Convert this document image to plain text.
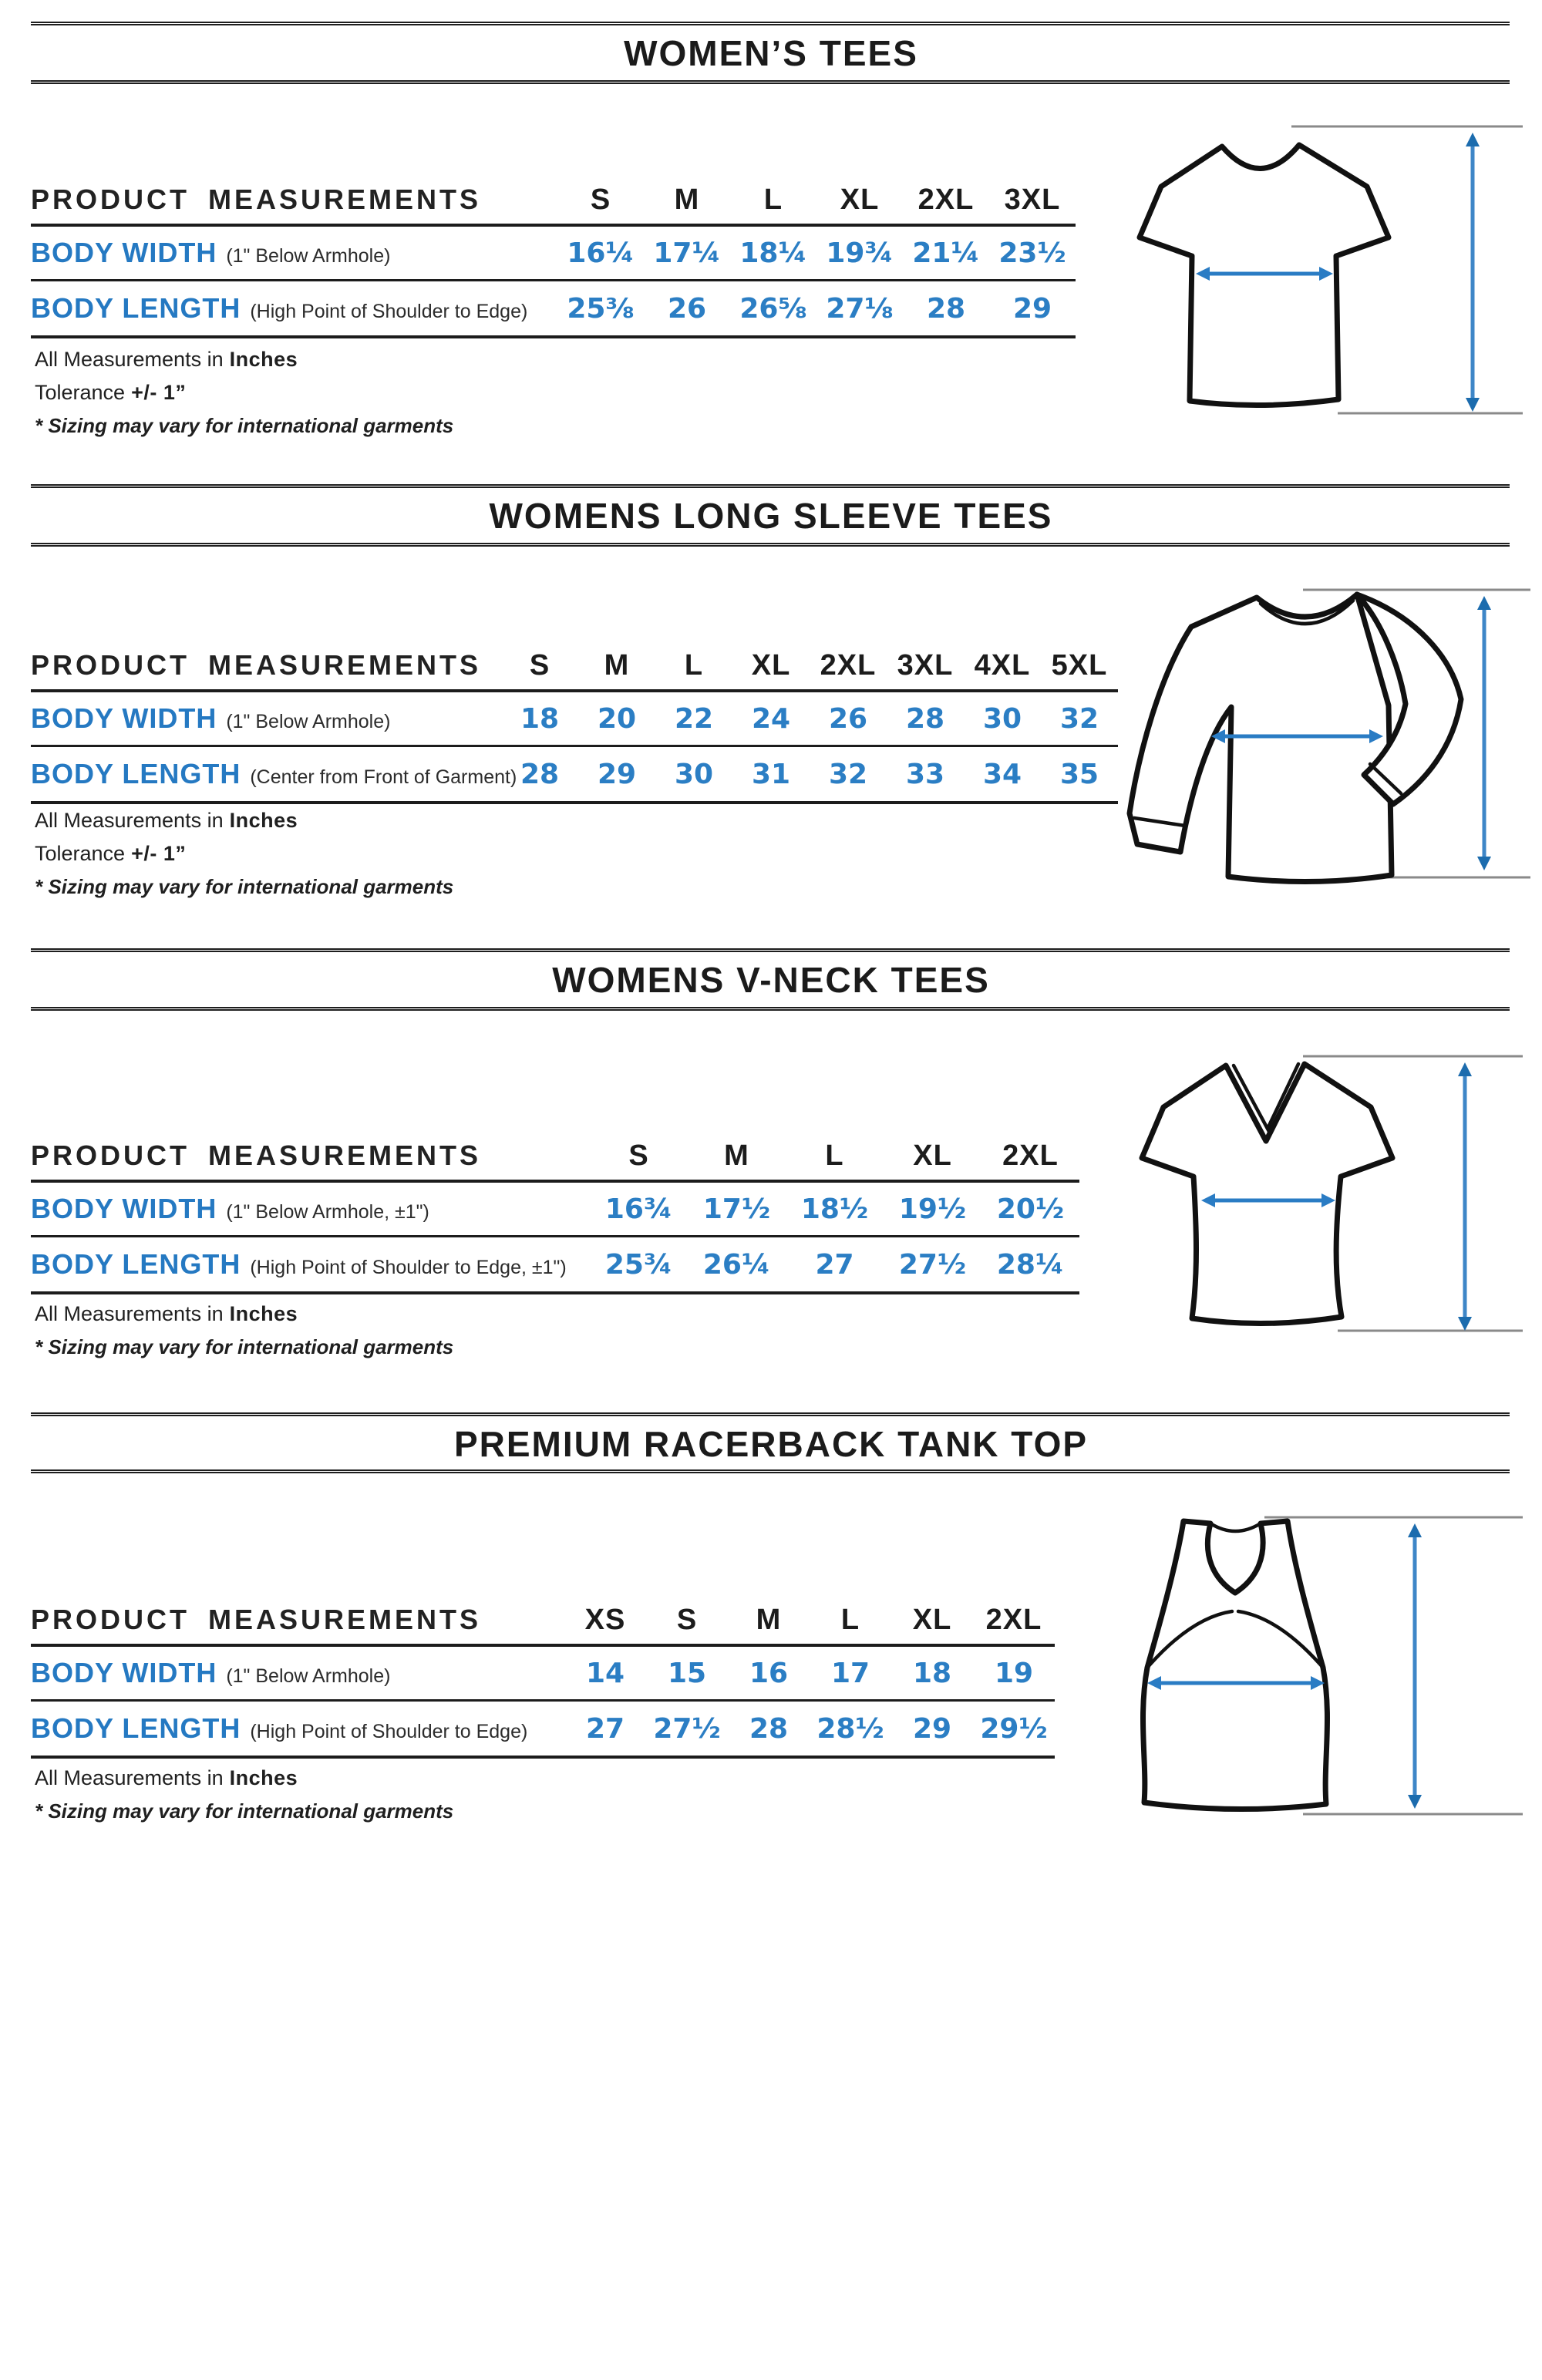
WOMEN’S TEES
PRODUCT MEASUREMENTS	S	M	L	XL	2XL	3XL
BODY WIDTH (1" Below Armhole)	16¼ 17¼ 18¼ 19¾ 21¼ 23½
BODY LENGTH (High Point of Shoulder to Edge)	25⅜	26	26⅝ 27⅛	28	29
All Measurements in Inches
Tolerance +/- 1”
* Sizing may vary for international garments
WOMENS LONG SLEEVE TEES
PRODUCT MEASUREMENTS	S	M	L	XL	2XL 3XL 4XL 5XL
BODY WIDTH (1" Below Armhole)	18	20	22	24	26	28	30	32
BODY LENGTH (Center from Front of Garment) 28	29	30	31	32	33	34	35
All Measurements in Inches
Tolerance +/- 1”
* Sizing may vary for international garments
WOMENS V-NECK TEES
PRODUCT MEASUREMENTS	S	M	L	XL	2XL
BODY WIDTH (1" Below Armhole, ±1")	16¾	17½	18½	19½	20½
BODY LENGTH (High Point of Shoulder to Edge, ±1")	25¾	26¼	27	27½	28¼
All Measurements in Inches
* Sizing may vary for international garments
PREMIUM RACERBACK TANK TOP
PRODUCT MEASUREMENTS	XS	S	M	L	XL	2XL
BODY WIDTH (1" Below Armhole)	14	15	16	17	18	19
BODY LENGTH (High Point of Shoulder to Edge)	27	27½	28	28½	29	29½
All Measurements in Inches
* Sizing may vary for international garments
